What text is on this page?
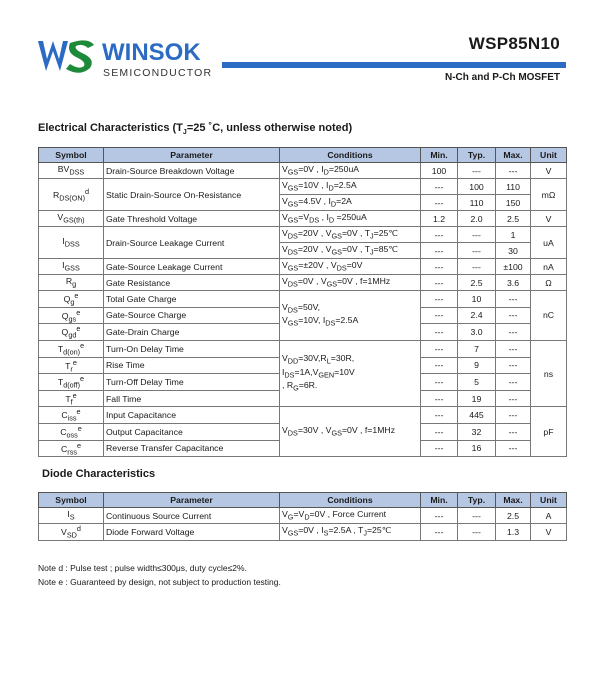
WINSOK
SEMICONDUCTOR
WSP85N10
N-Ch and P-Ch MOSFET
Electrical Characteristics ($T_J=25$ ˚C, unless otherwise noted)
Symbol	Parameter	Conditions	Min.	Typ.	Max.	Unit
$BV_{DSS}$	Drain-Source Breakdown Voltage	$V_{GS}=0V$ , $I_D=250uA$	100	---	---	V
$R_{DS(ON)}^d$	Static Drain-Source On-Resistance	$V_{GS}=10V$ , $I_D=2.5A$	---	100	110	mΩ
		$V_{GS}=4.5V$ , $I_D=2A$	---	110	150	
$V_{GS(th)}$	Gate Threshold Voltage	$V_{GS}=V_{DS}$ , $I_D =250uA$	1.2	2.0	2.5	V
$I_{DSS}$	Drain-Source Leakage Current	$V_{DS}=20V$ , $V_{GS}=0V$ , $T_J=25℃$	---	---	1	uA
		$V_{DS}=20V$ , $V_{GS}=0V$ , $T_J=85℃$	---	---	30	
$I_{GSS}$	Gate-Source Leakage Current	$V_{GS}=\pm 20V$ , $V_{DS}=0V$	---	---	±100	nA
$R_g$	Gate Resistance	$V_{DS}=0V$ , $V_{GS}=0V$ , f=1MHz	---	2.5	3.6	Ω
$Q_g^e$	Total Gate Charge	$V_{DS}=50V$,
$V_{GS}=10V$, $I_{DS}=2.5A$	---	10	---	nC
$Q_{gs}^e$	Gate-Source Charge		---	2.4	---	
$Q_{gd}^e$	Gate-Drain Charge		---	3.0	---	
$T_{d(on)}^e$	Turn-On Delay Time	$V_{DD}=30V,R_L=30R$,
$I_{DS}=1A,V_{GEN}=10V$
, $R_G=6R$.	---	7	---	ns
$T_r^e$	Rise Time		---	9	---	
$T_{d(off)}^e$	Turn-Off Delay Time		---	5	---	
$T_f^e$	Fall Time		---	19	---	
$C_{iss}^e$	Input Capacitance	$V_{DS}=30V$ , $V_{GS}=0V$ , f=1MHz	---	445	---	pF
$C_{oss}^e$	Output Capacitance		---	32	---	
$C_{rss}^e$	Reverse Transfer Capacitance		---	16	---	
Diode Characteristics
Symbol	Parameter	Conditions	Min.	Typ.	Max.	Unit
$I_S$	Continuous Source Current	$V_G=V_D=0V$ , Force Current	---	---	2.5	A
$V_{SD}^d$	Diode Forward Voltage	$V_{GS}=0V$ , $I_S=2.5A$ , $T_J=25℃$	---	---	1.3	V
Note d : Pulse test ; pulse width≤300μs, duty cycle≤2%.
Note e : Guaranteed by design, not subject to production testing.
